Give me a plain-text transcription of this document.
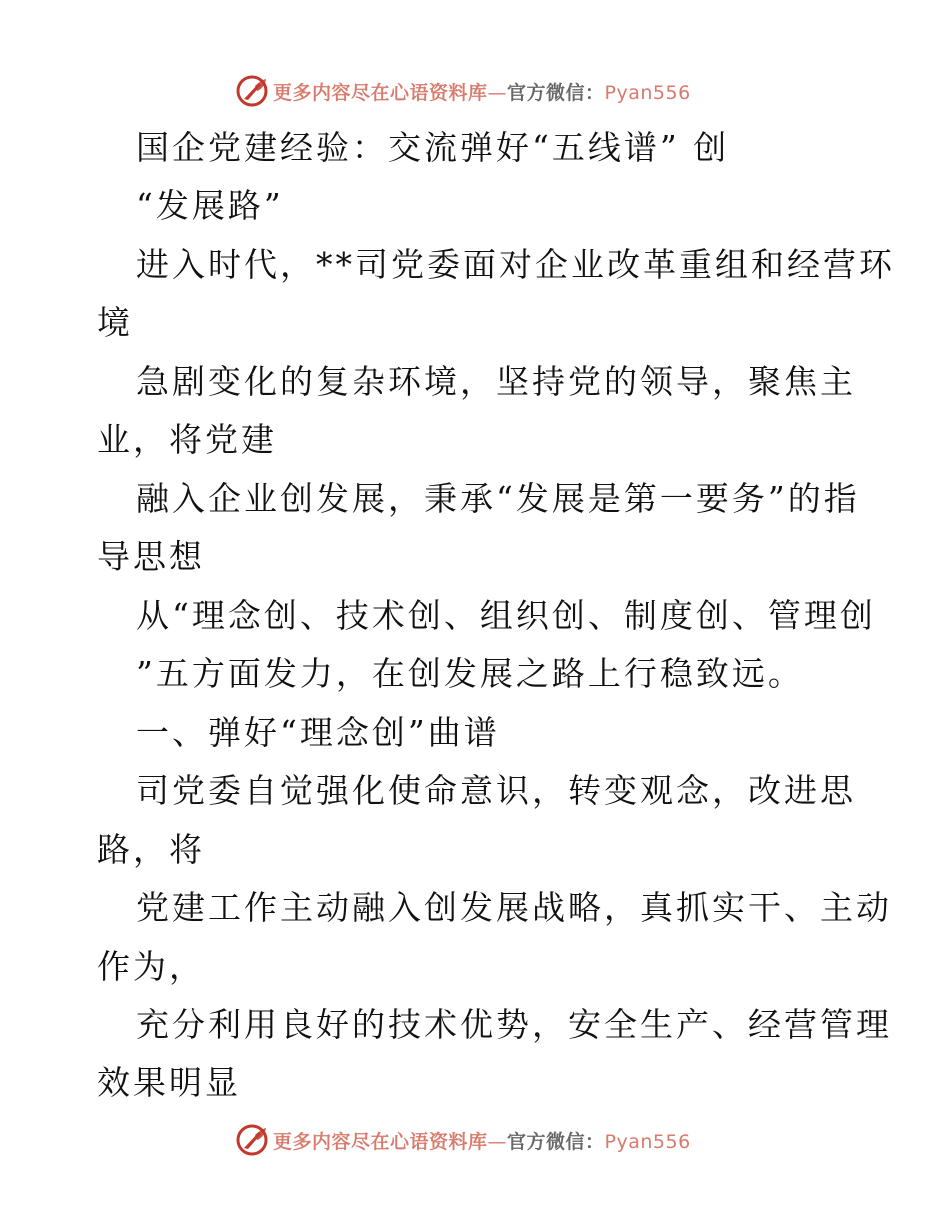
更多内容尽在心语资料库—官方微信：Pyan556
国企党建经验：交流弹好“五线谱” 创
“发展路”
进入时代，**司党委面对企业改革重组和经营环
境
急剧变化的复杂环境，坚持党的领导，聚焦主
业，将党建
融入企业创发展，秉承“发展是第一要务”的指
导思想
从“理念创、技术创、组织创、制度创、管理创
”五方面发力，在创发展之路上行稳致远。
一、弹好“理念创”曲谱
司党委自觉强化使命意识，转变观念，改进思
路，将
党建工作主动融入创发展战略，真抓实干、主动
作为，
充分利用良好的技术优势，安全生产、经营管理
效果明显
更多内容尽在心语资料库—官方微信：Pyan556
